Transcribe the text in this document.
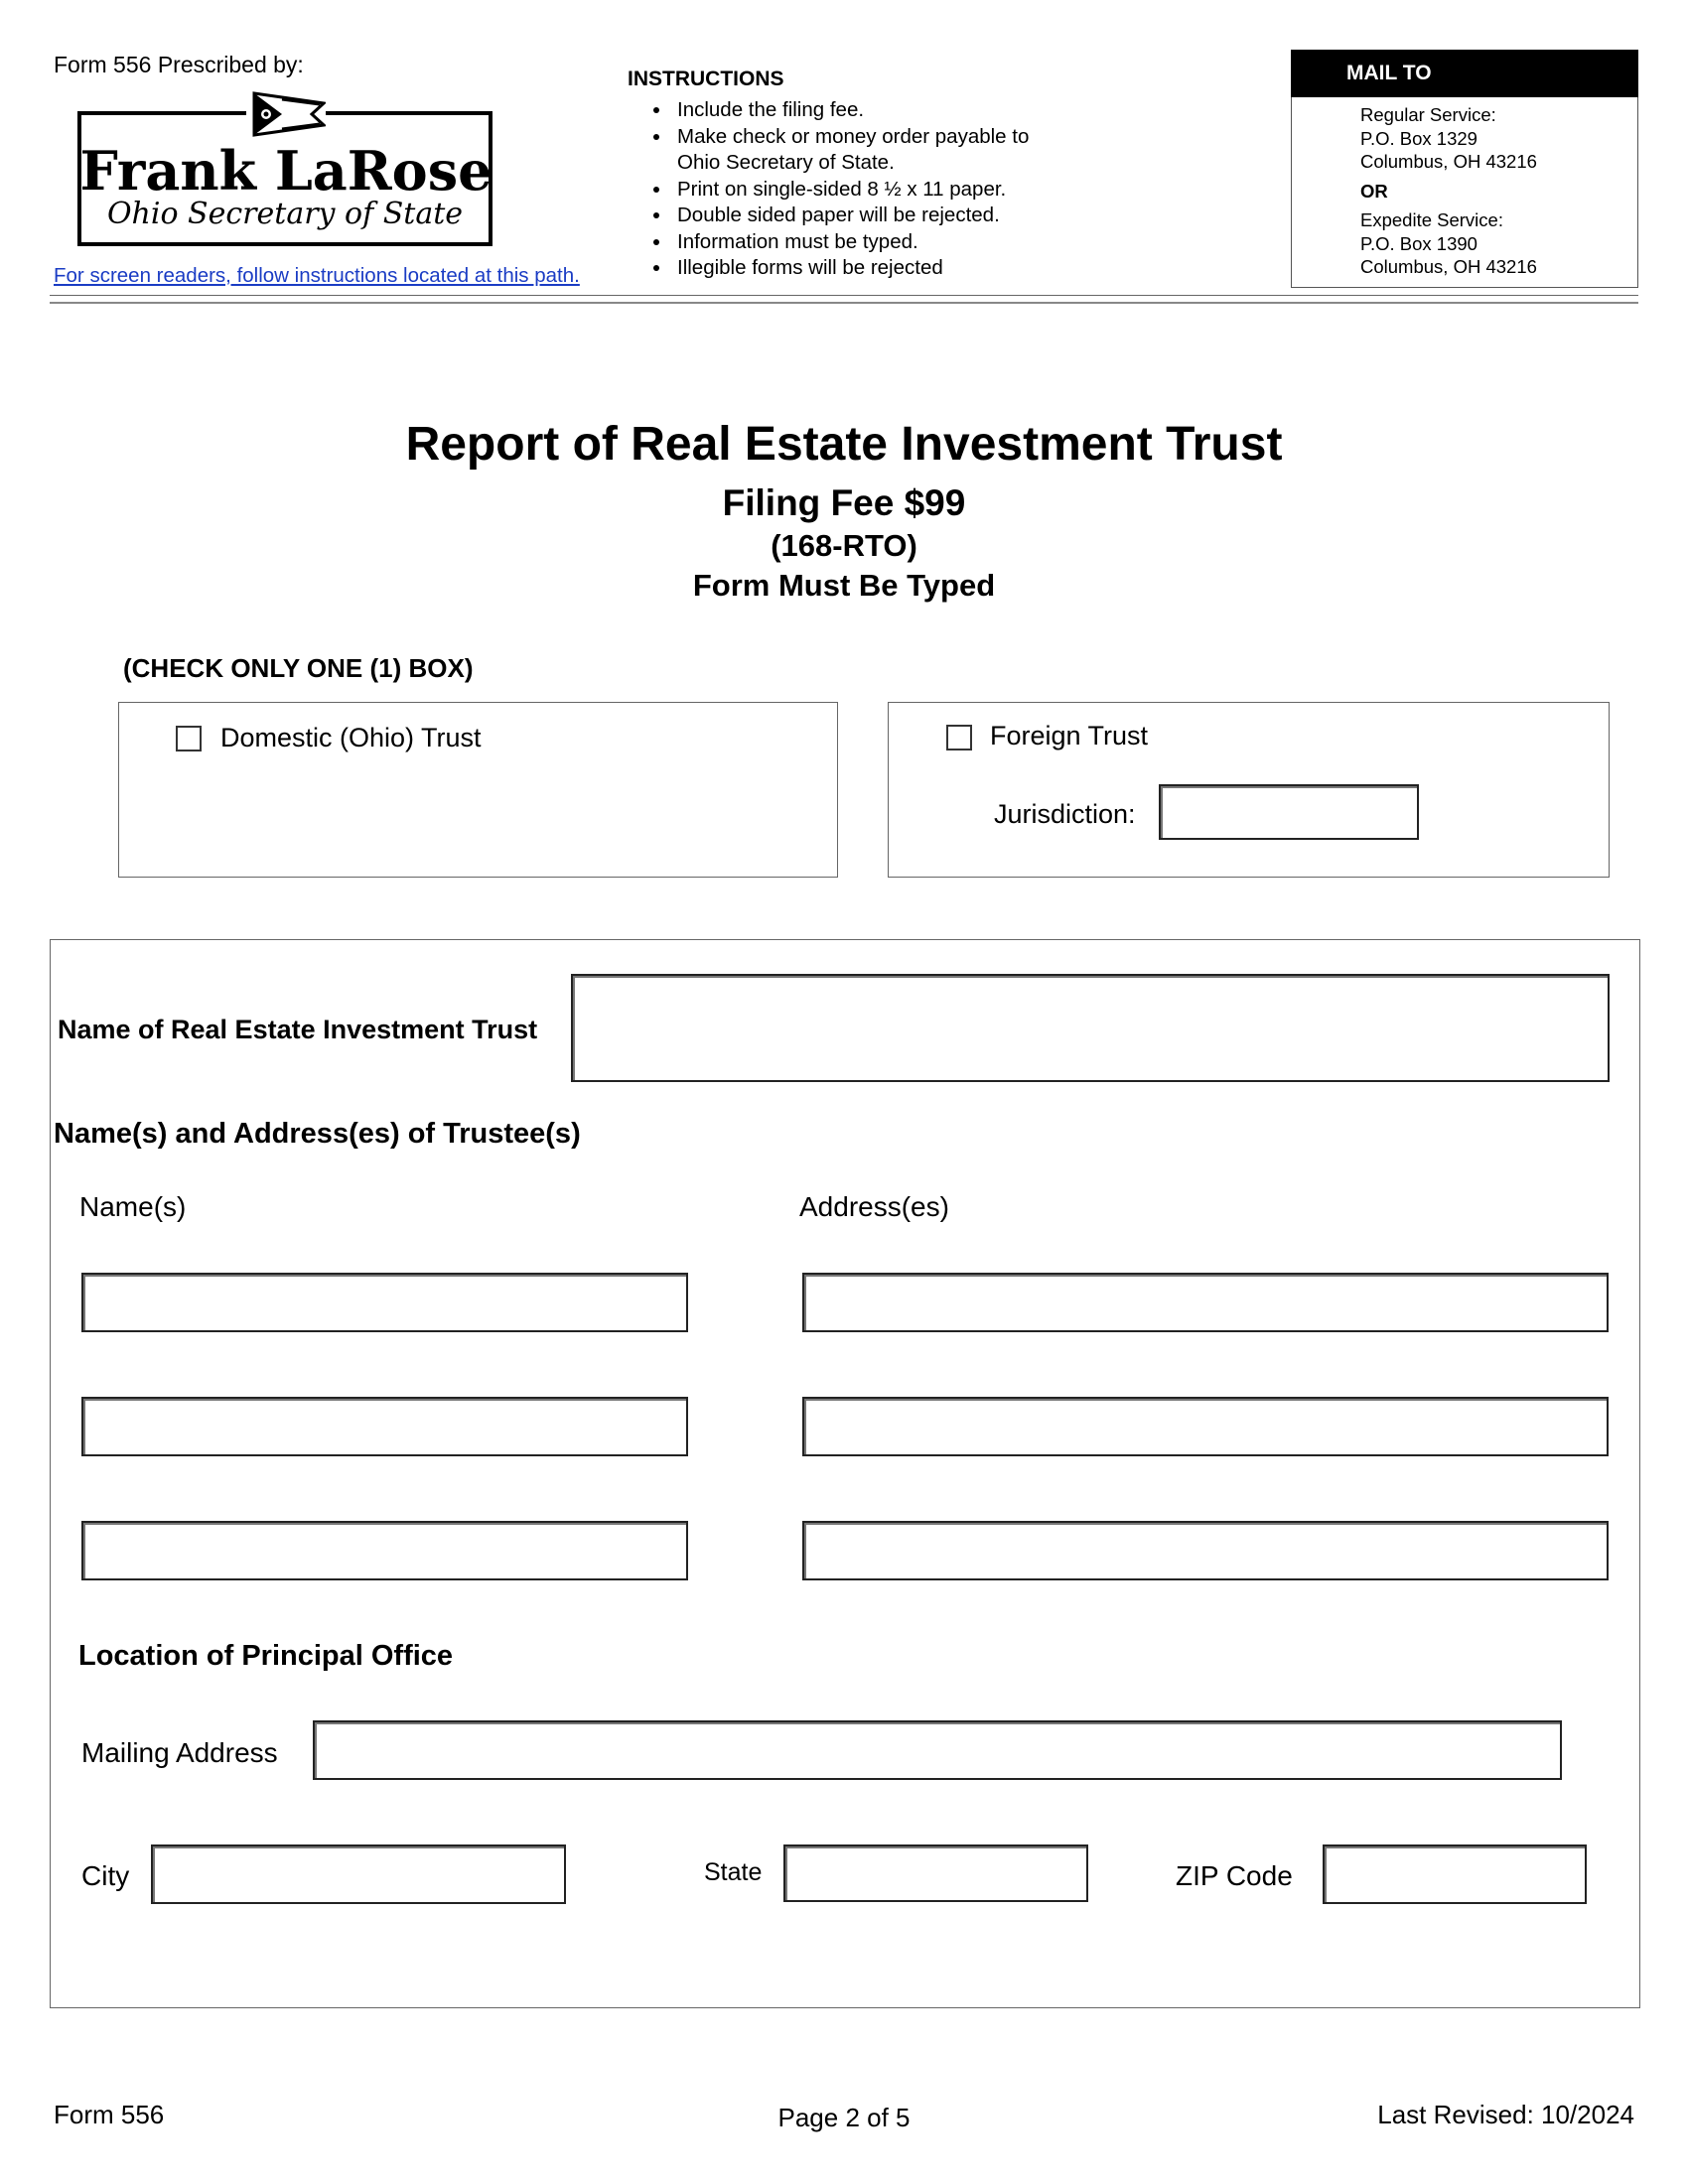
Form 556 Prescribed by:
Frank LaRose
Ohio Secretary of State
For screen readers, follow instructions located at this path.
INSTRUCTIONS
Include the filing fee.
Make check or money order payable to
Ohio Secretary of State.
Print on single-sided 8 ½ x 11 paper.
Double sided paper will be rejected.
Information must be typed.
Illegible forms will be rejected
MAIL TO
Regular Service:
P.O. Box 1329
Columbus, OH 43216
OR
Expedite Service:
P.O. Box 1390
Columbus, OH 43216
Report of Real Estate Investment Trust
Filing Fee $99
(168-RTO)
Form Must Be Typed
(CHECK ONLY ONE (1) BOX)
Domestic (Ohio) Trust	Foreign Trust
Jurisdiction:
Name of Real Estate Investment Trust
Name(s) and Address(es) of Trustee(s)
Name(s)	Address(es)
Location of Principal Office
Mailing Address
City	State	ZIP Code
Form 556	Page 2 of 5	Last Revised: 10/2024
